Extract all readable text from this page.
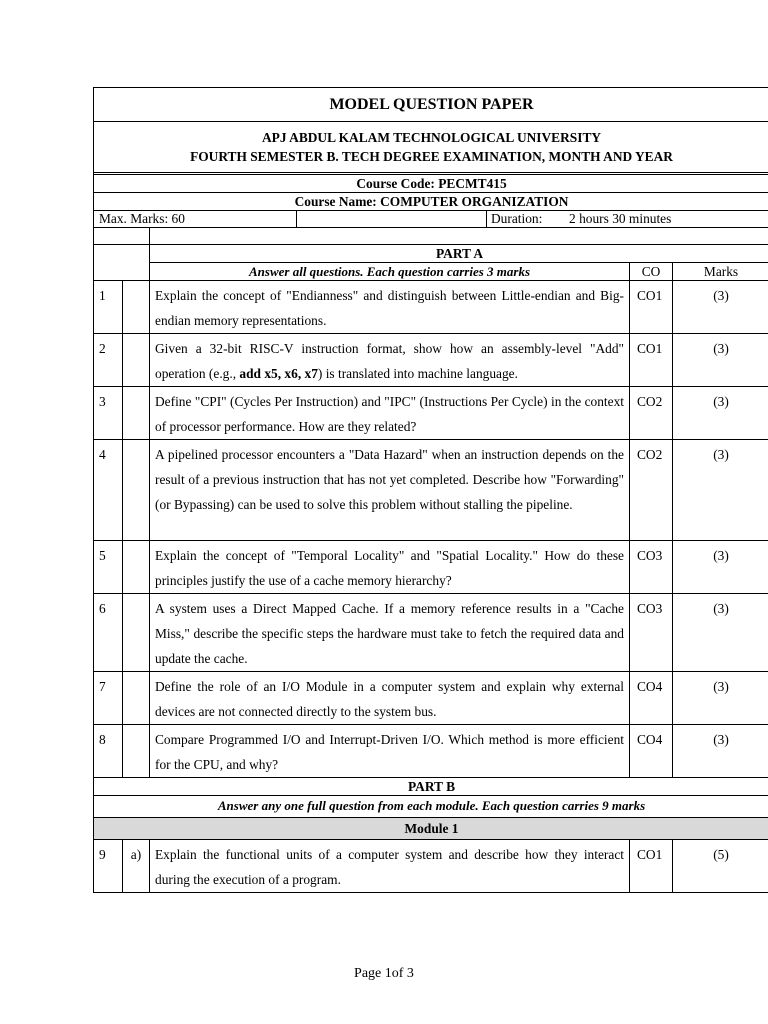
MODEL QUESTION PAPER						

APJ ABDUL KALAM TECHNOLOGICAL UNIVERSITY
FOURTH SEMESTER B. TECH DEGREE EXAMINATION, MONTH AND YEAR						

Course Code: PECMT415						
Course Name: COMPUTER ORGANIZATION						
Max. Marks: 60				Duration: 2 hours 30 minutes		

		PART A				
		Answer all questions. Each question carries 3 marks			CO	Marks
1		Explain the concept of "Endianness" and distinguish between Little-endian and Big-endian memory representations.			CO1	(3)
2		Given a 32-bit RISC-V instruction format, show how an assembly-level "Add" operation (e.g., add x5, x6, x7) is translated into machine language.			CO1	(3)
3		Define "CPI" (Cycles Per Instruction) and "IPC" (Instructions Per Cycle) in the context of processor performance. How are they related?			CO2	(3)
4		A pipelined processor encounters a "Data Hazard" when an instruction depends on the result of a previous instruction that has not yet completed. Describe how "Forwarding" (or Bypassing) can be used to solve this problem without stalling the pipeline.			CO2	(3)
5		Explain the concept of "Temporal Locality" and "Spatial Locality." How do these principles justify the use of a cache memory hierarchy?			CO3	(3)
6		A system uses a Direct Mapped Cache. If a memory reference results in a "Cache Miss," describe the specific steps the hardware must take to fetch the required data and update the cache.			CO3	(3)
7		Define the role of an I/O Module in a computer system and explain why external devices are not connected directly to the system bus.			CO4	(3)
8		Compare Programmed I/O and Interrupt-Driven I/O. Which method is more efficient for the CPU, and why?			CO4	(3)
PART B						
Answer any one full question from each module. Each question carries 9 marks						
Module 1						
9	a)	Explain the functional units of a computer system and describe how they interact during the execution of a program.			CO1	(5)
Page 1of 3
